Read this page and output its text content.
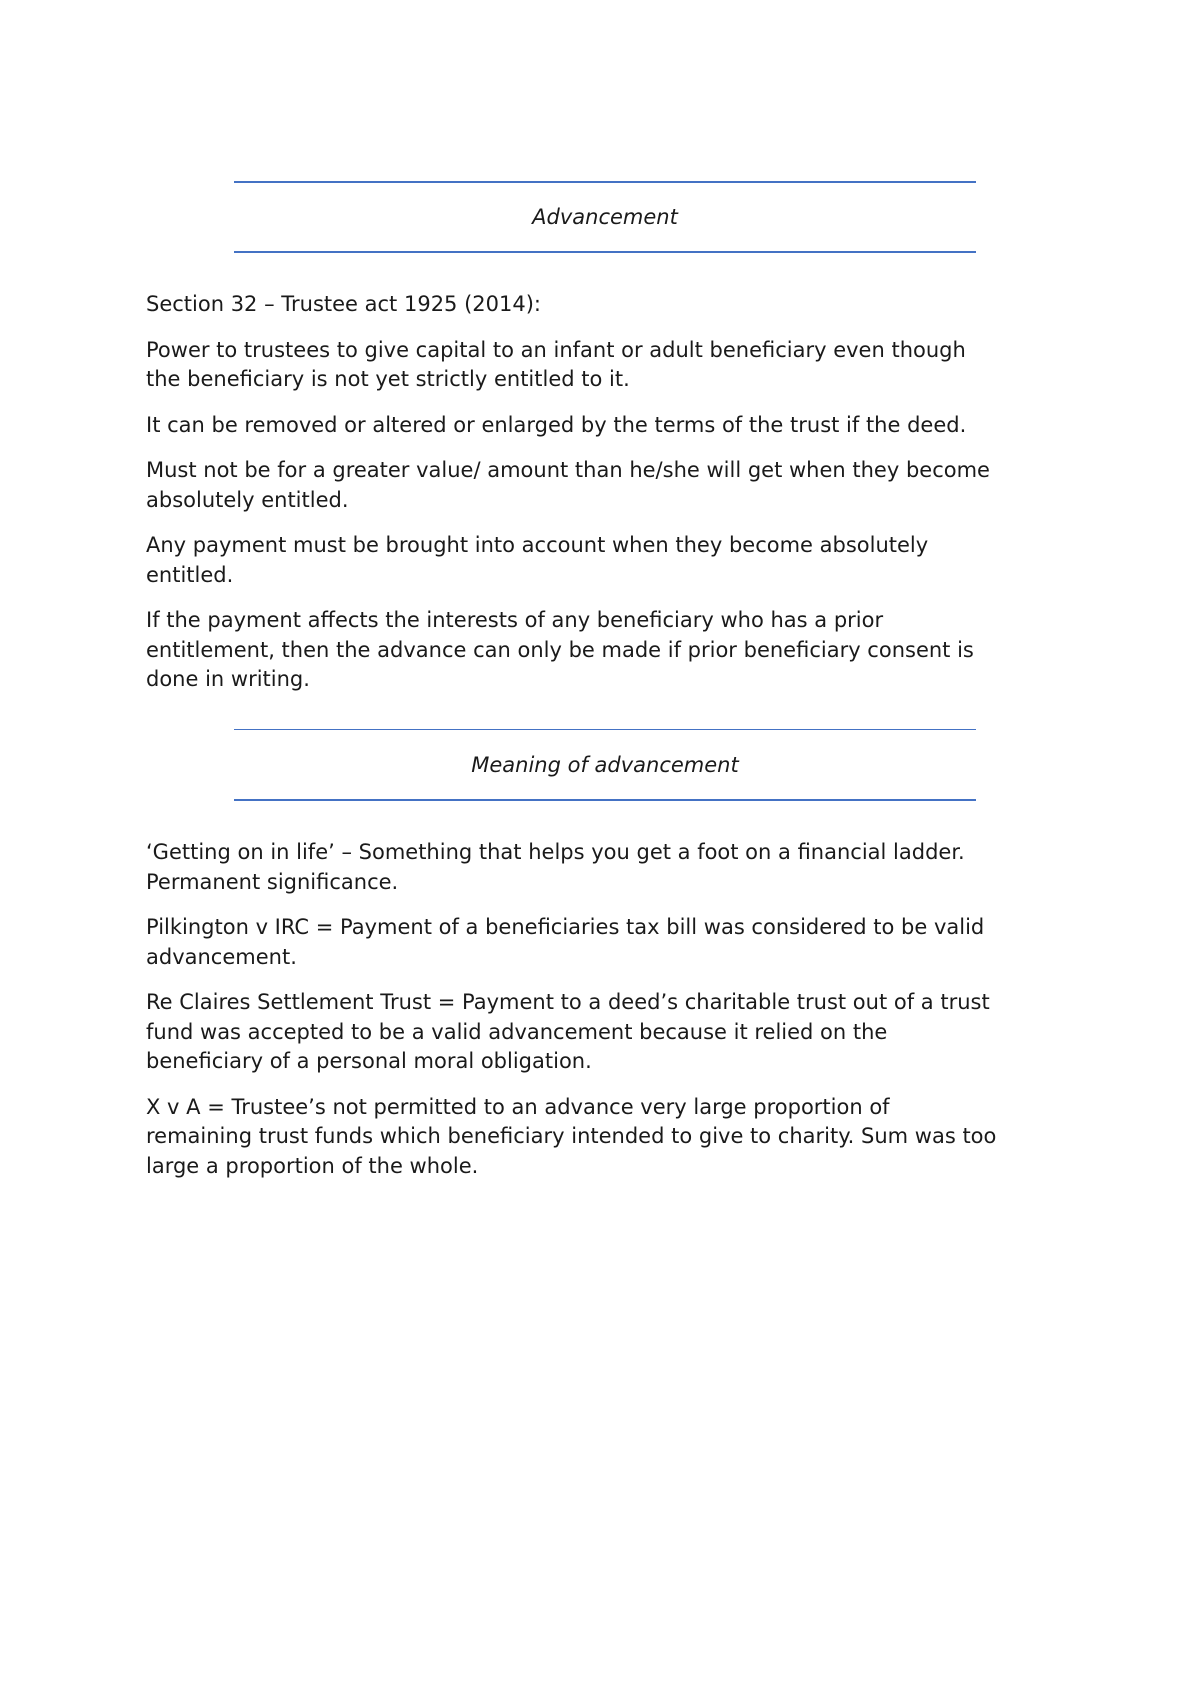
Advancement

Section 32 – Trustee act 1925 (2014):

Power to trustees to give capital to an infant or adult beneficiary even though
the beneficiary is not yet strictly entitled to it.

It can be removed or altered or enlarged by the terms of the trust if the deed.

Must not be for a greater value/ amount than he/she will get when they become
absolutely entitled.

Any payment must be brought into account when they become absolutely
entitled.

If the payment affects the interests of any beneficiary who has a prior
entitlement, then the advance can only be made if prior beneficiary consent is
done in writing.

Meaning of advancement

‘Getting on in life’ – Something that helps you get a foot on a financial ladder.
Permanent significance.

Pilkington v IRC = Payment of a beneficiaries tax bill was considered to be valid
advancement.

Re Claires Settlement Trust = Payment to a deed’s charitable trust out of a trust
fund was accepted to be a valid advancement because it relied on the
beneficiary of a personal moral obligation.

X v A = Trustee’s not permitted to an advance very large proportion of
remaining trust funds which beneficiary intended to give to charity. Sum was too
large a proportion of the whole.
